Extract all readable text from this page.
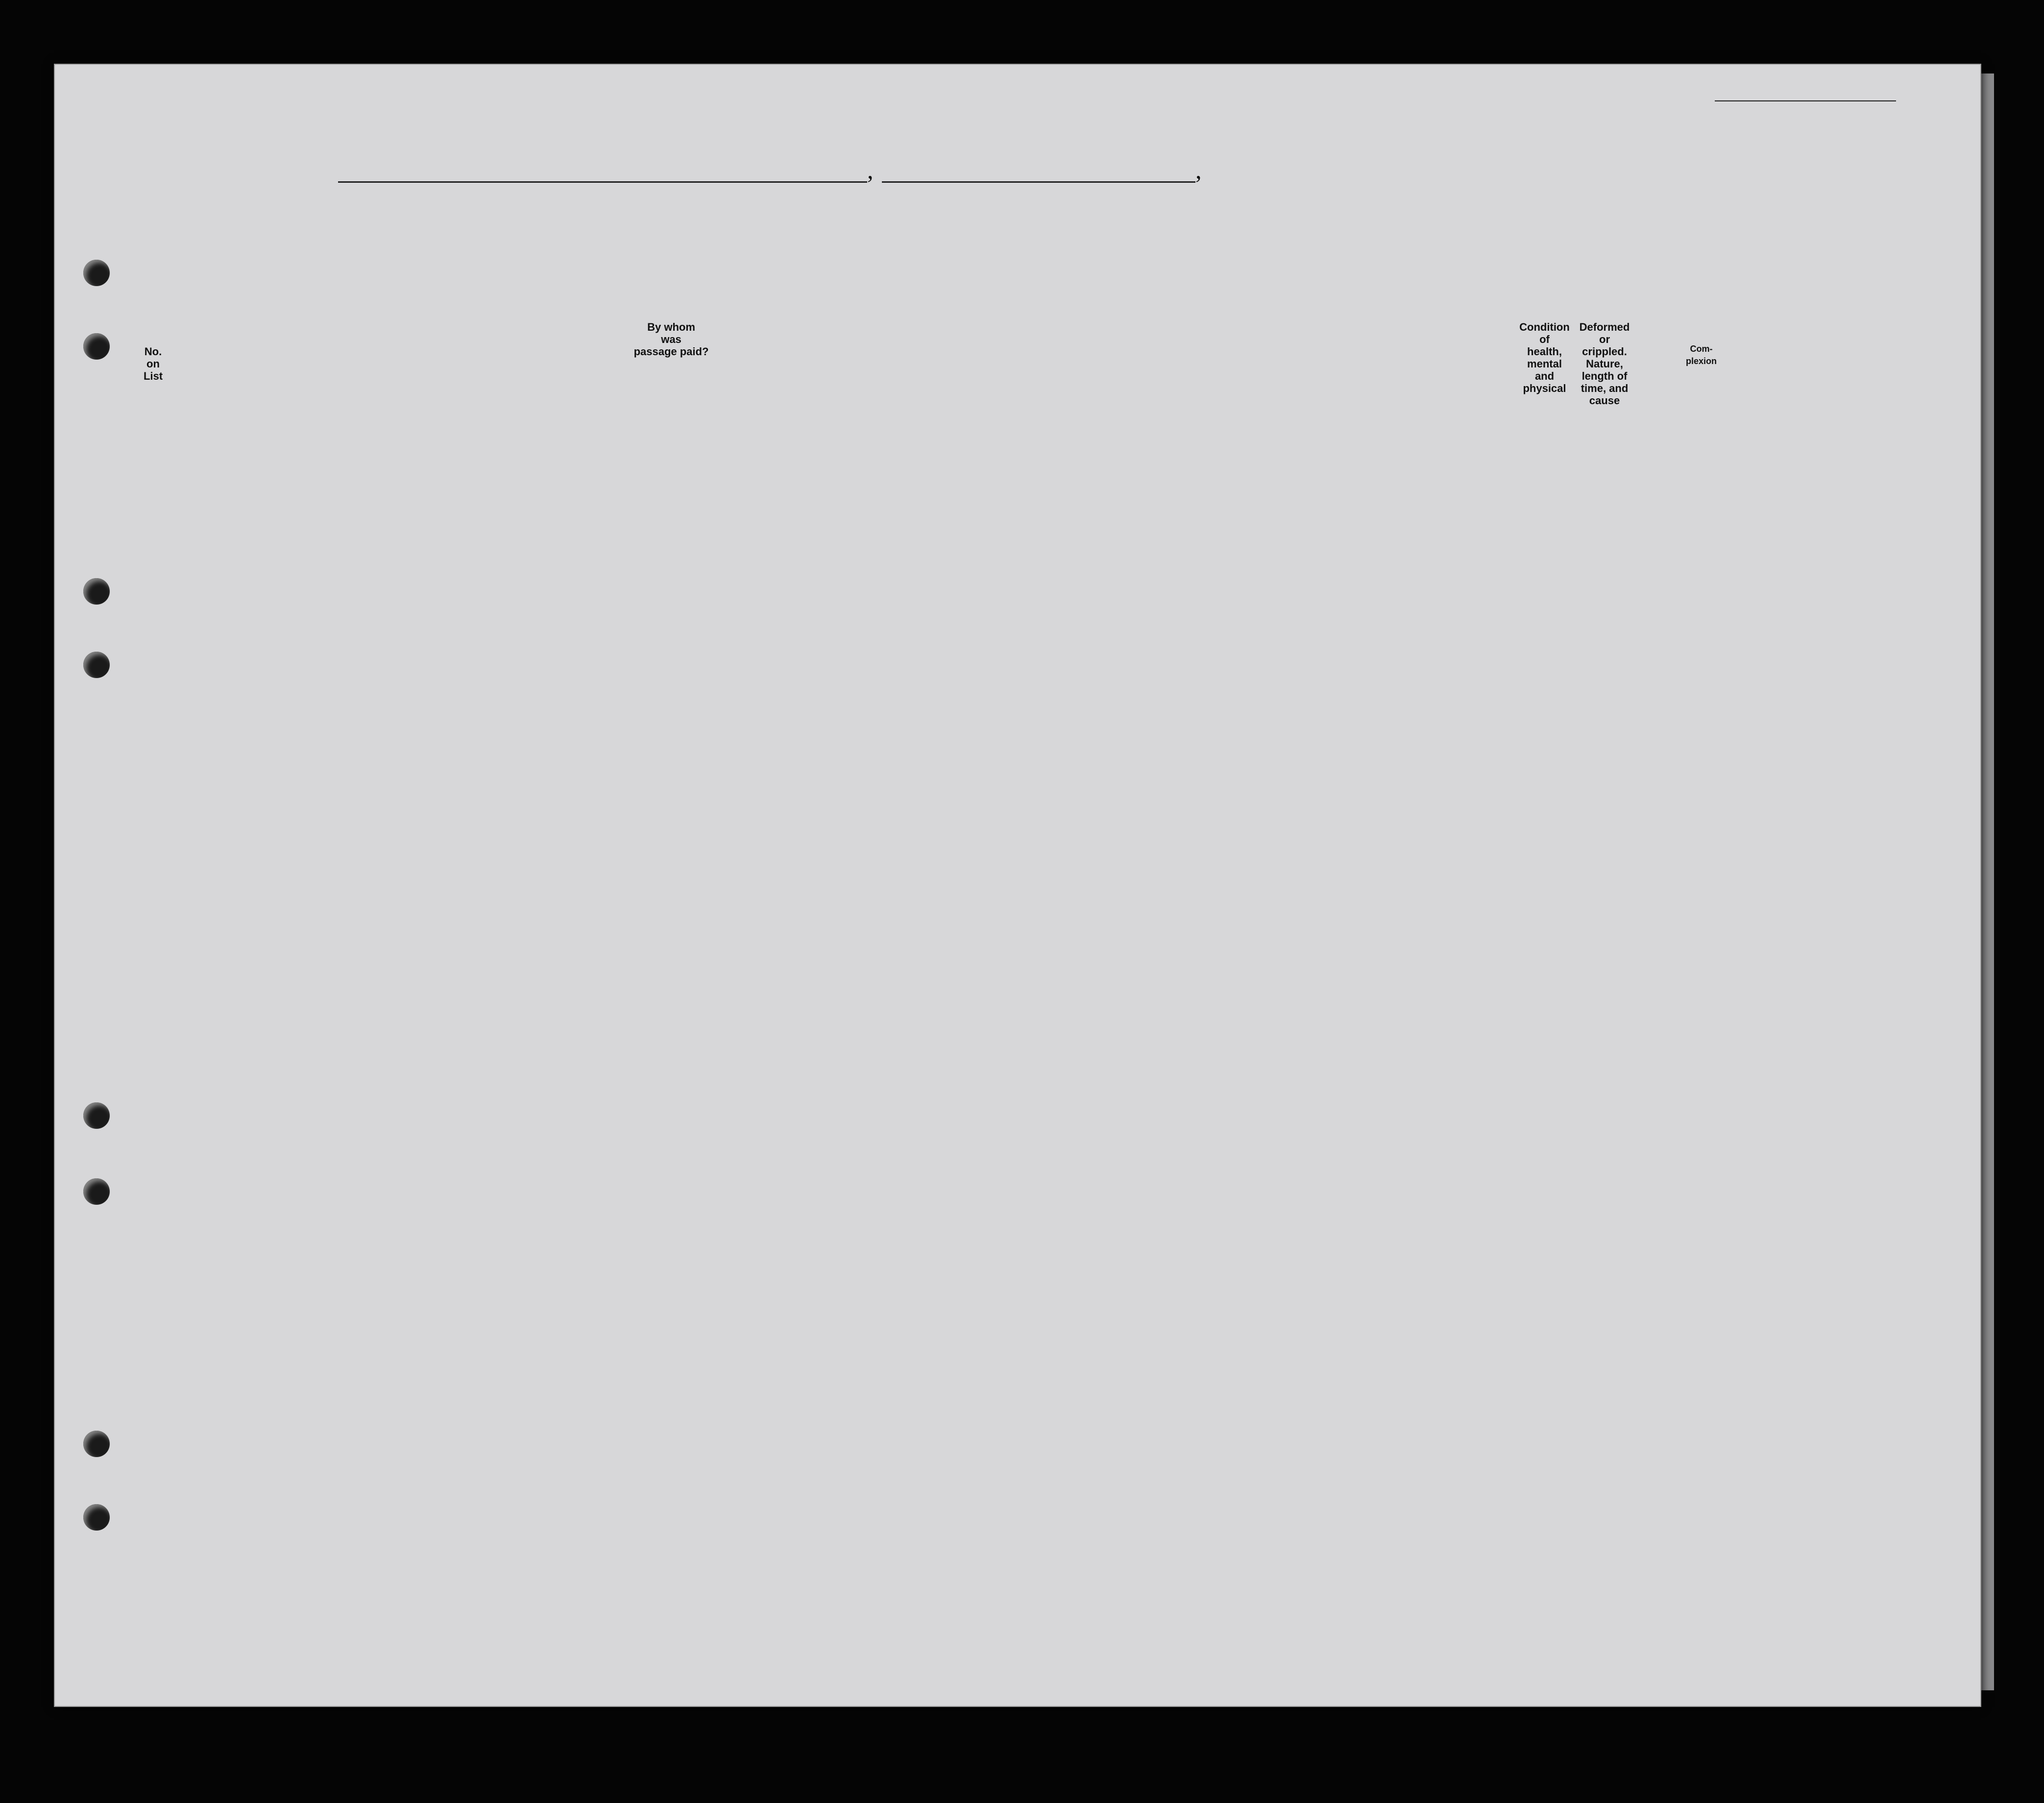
,	,
No.
on
List
By whom
was
passage paid?
Condition
of
health,
mental
and
physical
Deformed or
crippled.
Nature,
length of
time, and
cause
Com-
plexion
